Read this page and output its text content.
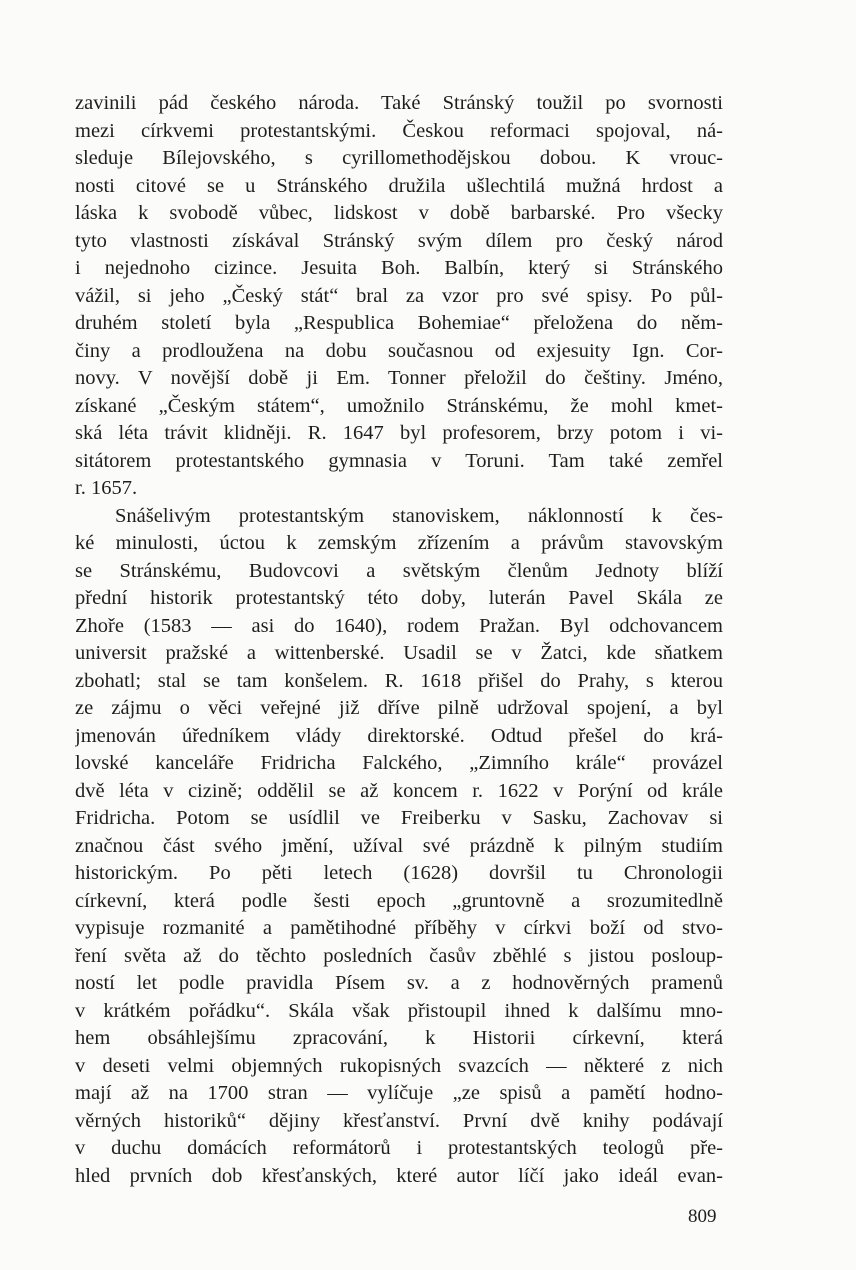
zavinili pád českého národa. Také Stránský toužil po svornosti
mezi církvemi protestantskými. Českou reformaci spojoval, ná-
sleduje Bílejovského, s cyrillomethodějskou dobou. K vrouc-
nosti citové se u Stránského družila ušlechtilá mužná hrdost a
láska k svobodě vůbec, lidskost v době barbarské. Pro všecky
tyto vlastnosti získával Stránský svým dílem pro český národ
i nejednoho cizince. Jesuita Boh. Balbín, který si Stránského
vážil, si jeho „Český stát“ bral za vzor pro své spisy. Po půl-
druhém století byla „Respublica Bohemiae“ přeložena do něm-
činy a prodloužena na dobu současnou od exjesuity Ign. Cor-
novy. V novější době ji Em. Tonner přeložil do češtiny. Jméno,
získané „Českým státem“, umožnilo Stránskému, že mohl kmet-
ská léta trávit klidněji. R. 1647 byl profesorem, brzy potom i vi-
sitátorem protestantského gymnasia v Toruni. Tam také zemřel
r. 1657.

Snášelivým protestantským stanoviskem, náklonností k čes-
ké minulosti, úctou k zemským zřízením a právům stavovským
se Stránskému, Budovcovi a světským členům Jednoty blíží
přední historik protestantský této doby, luterán Pavel Skála ze
Zhoře (1583 — asi do 1640), rodem Pražan. Byl odchovancem
universit pražské a wittenberské. Usadil se v Žatci, kde sňatkem
zbohatl; stal se tam konšelem. R. 1618 přišel do Prahy, s kterou
ze zájmu o věci veřejné již dříve pilně udržoval spojení, a byl
jmenován úředníkem vlády direktorské. Odtud přešel do krá-
lovské kanceláře Fridricha Falckého, „Zimního krále“ provázel
dvě léta v cizině; oddělil se až koncem r. 1622 v Porýní od krále
Fridricha. Potom se usídlil ve Freiberku v Sasku, Zachovav si
značnou část svého jmění, užíval své prázdně k pilným studiím
historickým. Po pěti letech (1628) dovršil tu Chronologii
církevní, která podle šesti epoch „gruntovně a srozumitedlně
vypisuje rozmanité a pamětihodné příběhy v církvi boží od stvo-
ření světa až do těchto posledních časův zběhlé s jistou posloup-
ností let podle pravidla Písem sv. a z hodnověrných pramenů
v krátkém pořádku“. Skála však přistoupil ihned k dalšímu mno-
hem obsáhlejšímu zpracování, k Historii církevní, která
v deseti velmi objemných rukopisných svazcích — některé z nich
mají až na 1700 stran — vylíčuje „ze spisů a pamětí hodno-
věrných historiků“ dějiny křesťanství. První dvě knihy podávají
v duchu domácích reformátorů i protestantských teologů pře-
hled prvních dob křesťanských, které autor líčí jako ideál evan-

809
